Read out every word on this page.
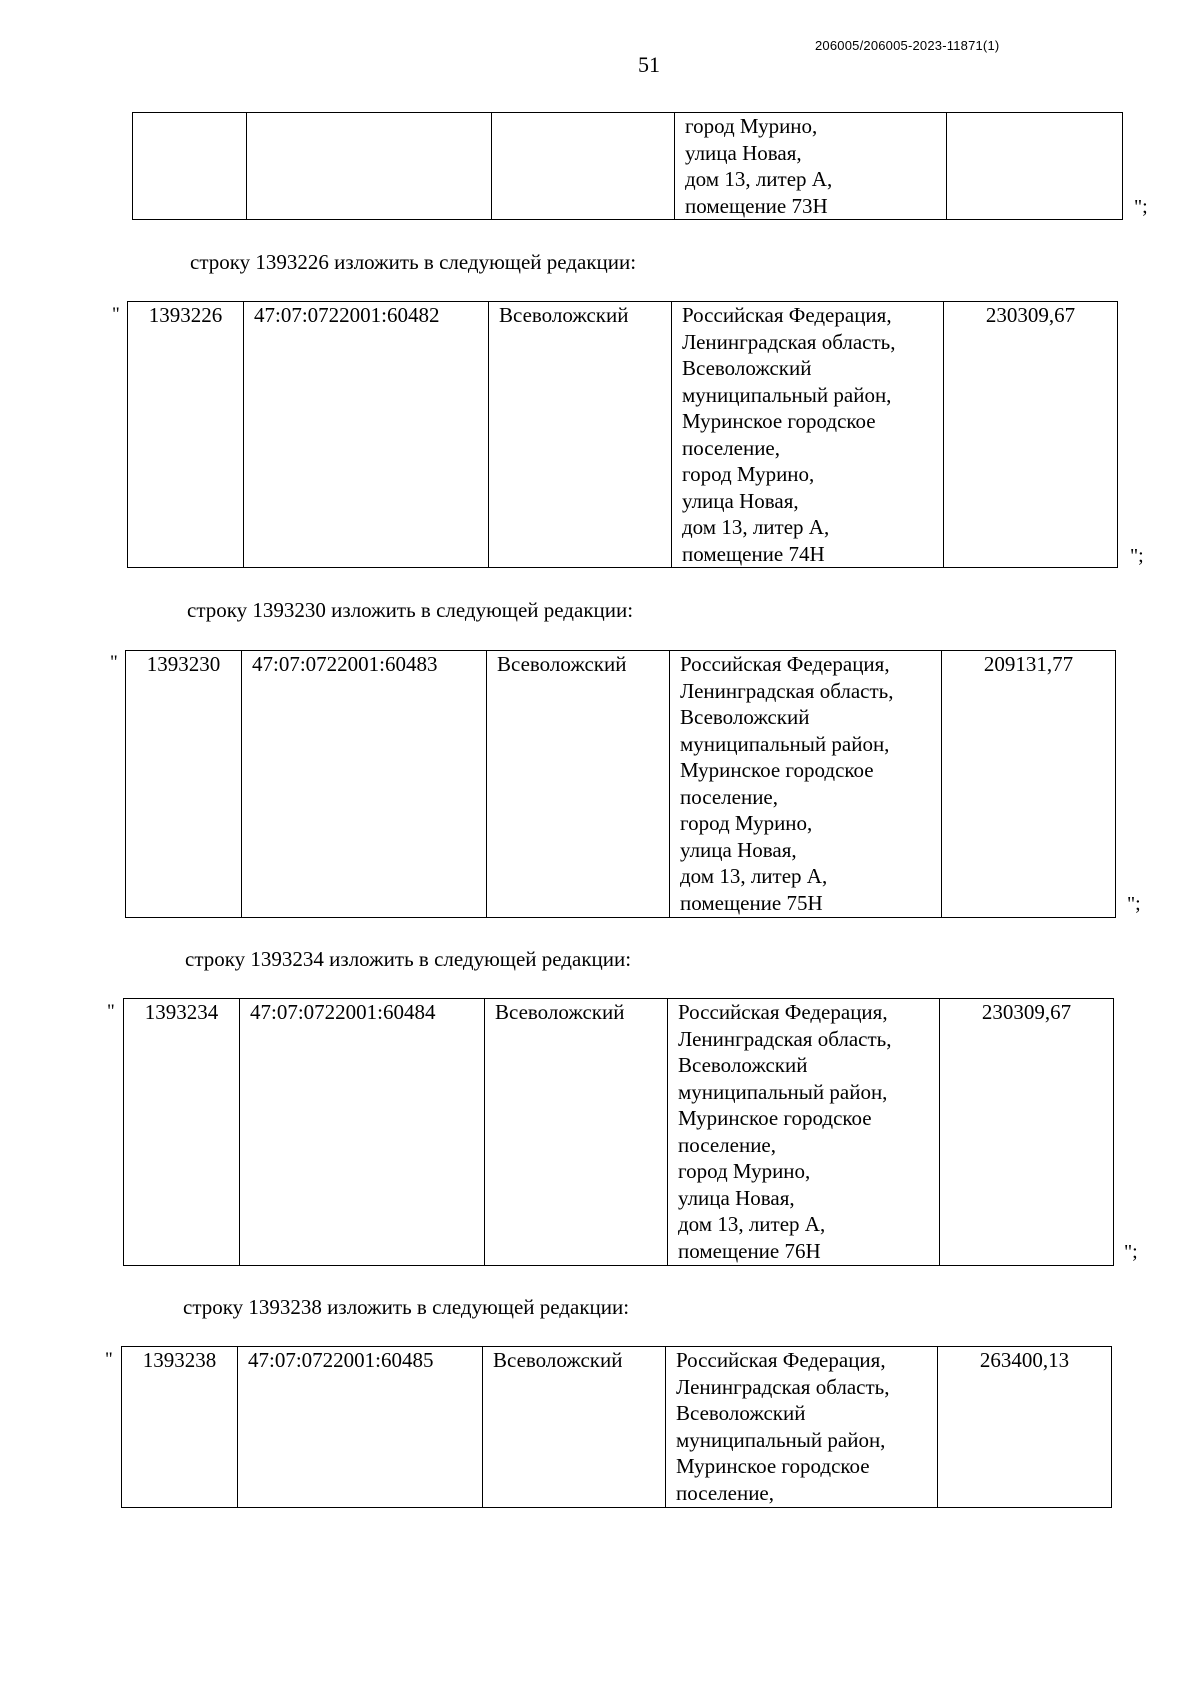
51
206005/206005-2023-11871(1)

город Мурино,
улица Новая,
дом 13, литер А,
помещение 73Н
		";
строку 1393226 изложить в следующей редакции:
" 1393226	47:07:0722001:60482	Всеволожский	Российская Федерация,
Ленинградская область,
Всеволожский
муниципальный район,
Муринское городское
поселение,
город Мурино,
улица Новая,
дом 13, литер А,
помещение 74Н
	230309,67
";
строку 1393230 изложить в следующей редакции:
" 1393230	47:07:0722001:60483	Всеволожский	Российская Федерация,
Ленинградская область,
Всеволожский
муниципальный район,
Муринское городское
поселение,
город Мурино,
улица Новая,
дом 13, литер А,
помещение 75Н
	209131,77
";
строку 1393234 изложить в следующей редакции:
" 1393234	47:07:0722001:60484	Всеволожский	Российская Федерация,
Ленинградская область,
Всеволожский
муниципальный район,
Муринское городское
поселение,
город Мурино,
улица Новая,
дом 13, литер А,
помещение 76Н
	230309,67
";
строку 1393238 изложить в следующей редакции:
" 1393238	47:07:0722001:60485	Всеволожский	Российская Федерация,
Ленинградская область,
Всеволожский
муниципальный район,
Муринское городское
поселение,
	263400,13
